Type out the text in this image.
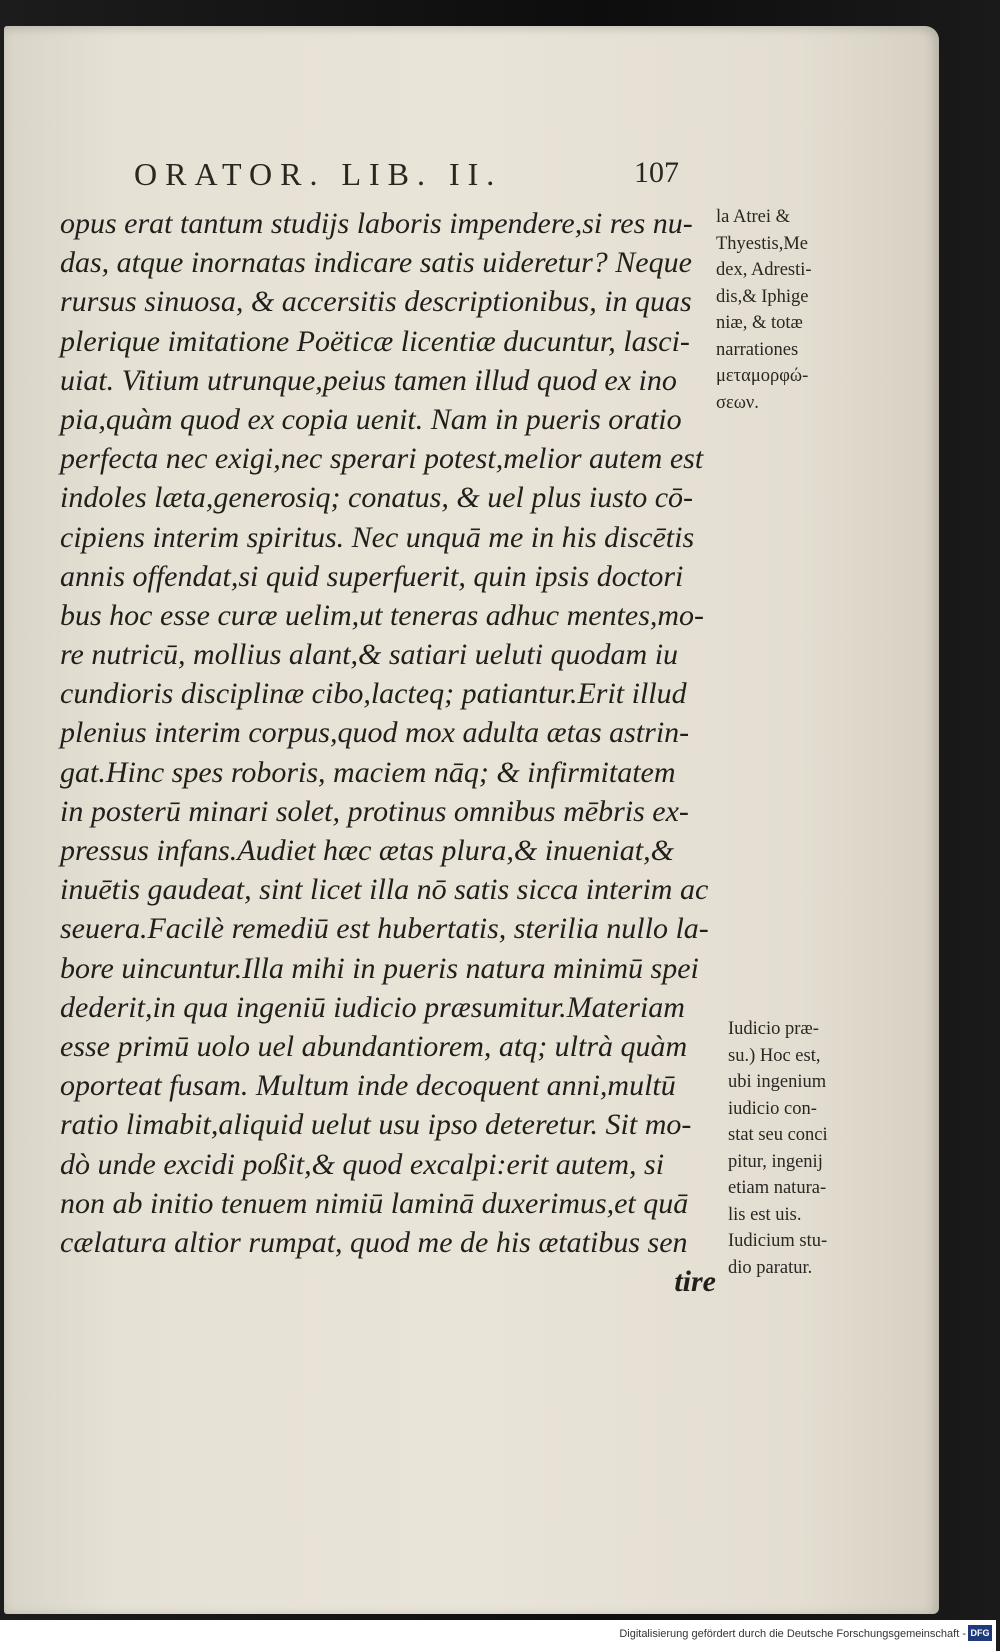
ORATOR. LIB. II.	107
opus erat tantum studijs laboris impendere,si res nu-
das, atque inornatas indicare satis uideretur? Neque
rursus sinuosa, & accersitis descriptionibus, in quas
plerique imitatione Poëticæ licentiæ ducuntur, lasci-
uiat. Vitium utrunque,peius tamen illud quod ex ino
pia,quàm quod ex copia uenit. Nam in pueris oratio
perfecta nec exigi,nec sperari potest,melior autem est
indoles læta,generosiq; conatus, & uel plus iusto cō-
cipiens interim spiritus. Nec unquā me in his discētis
annis offendat,si quid superfuerit, quin ipsis doctori
bus hoc esse curæ uelim,ut teneras adhuc mentes,mo-
re nutricū, mollius alant,& satiari ueluti quodam iu
cundioris disciplinæ cibo,lacteq; patiantur.Erit illud
plenius interim corpus,quod mox adulta ætas astrin-
gat.Hinc spes roboris, maciem nāq; & infirmitatem
in posterū minari solet, protinus omnibus mēbris ex-
pressus infans.Audiet hæc ætas plura,& inueniat,&
inuētis gaudeat, sint licet illa nō satis sicca interim ac
seuera.Facilè remediū est hubertatis, sterilia nullo la-
bore uincuntur.Illa mihi in pueris natura minimū spei
dederit,in qua ingeniū iudicio præsumitur.Materiam
esse primū uolo uel abundantiorem, atq; ultrà quàm
oporteat fusam. Multum inde decoquent anni,multū
ratio limabit,aliquid uelut usu ipso deteretur. Sit mo-
dò unde excidi poßit,& quod excalpi:erit autem, si
non ab initio tenuem nimiū laminā duxerimus,et quā
cælatura altior rumpat, quod me de his ætatibus sen
tire
la Atrei &
Thyestis,Me
dex, Adresti-
dis,& Iphige
niæ, & totæ
narrationes
μεταμορφώ-
σεων.
Iudicio præ-
su.) Hoc est,
ubi ingenium
iudicio con-
stat seu conci
pitur, ingenij
etiam natura-
lis est uis.
Iudicium stu-
dio paratur.
Digitalisierung gefördert durch die Deutsche Forschungsgemeinschaft - DFG
